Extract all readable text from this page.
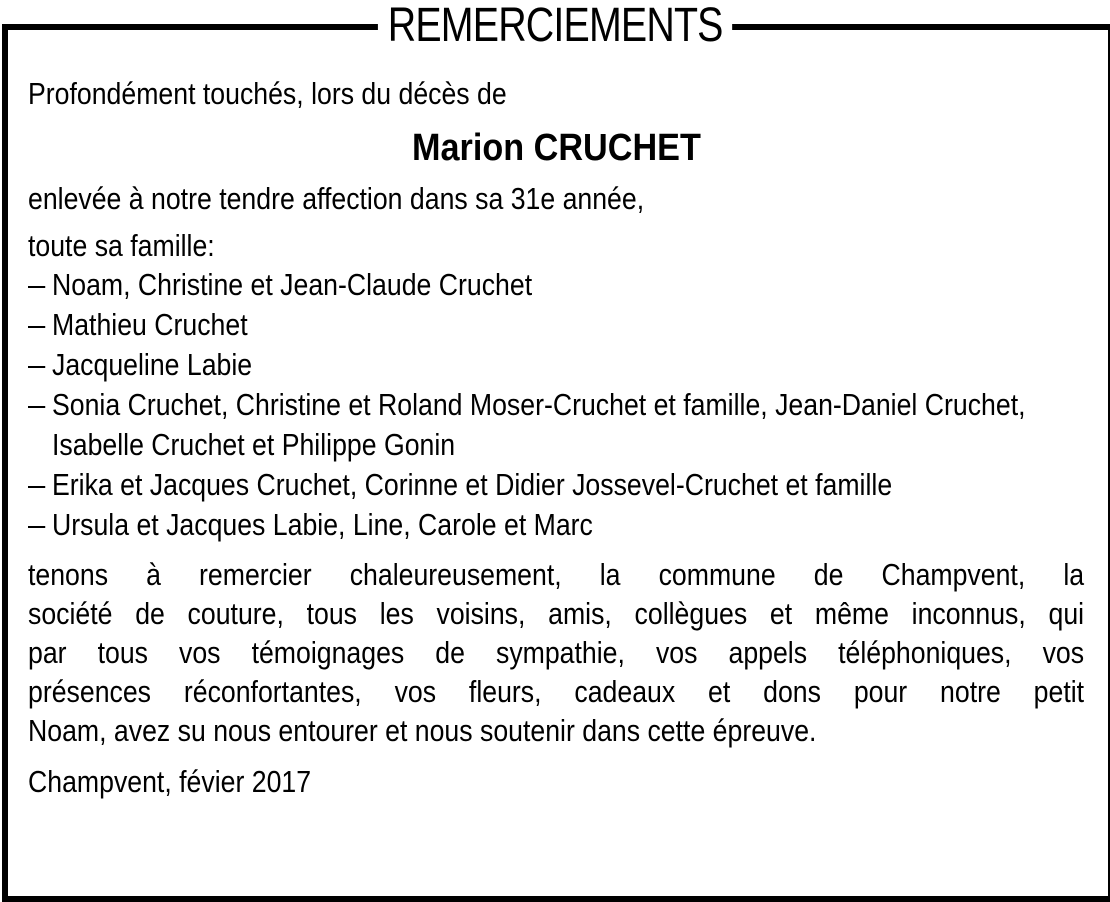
REMERCIEMENTS
Profondément touchés, lors du décès de
Marion CRUCHET
enlevée à notre tendre affection dans sa 31e année,
toute sa famille:
– Noam, Christine et Jean-Claude Cruchet
– Mathieu Cruchet
– Jacqueline Labie
– Sonia Cruchet, Christine et Roland Moser-Cruchet et famille, Jean-Daniel Cruchet, Isabelle Cruchet et Philippe Gonin
– Erika et Jacques Cruchet, Corinne et Didier Jossevel-Cruchet et famille
– Ursula et Jacques Labie, Line, Carole et Marc
tenons à remercier chaleureusement, la commune de Champvent, la
société de couture, tous les voisins, amis, collègues et même inconnus, qui
par tous vos témoignages de sympathie, vos appels téléphoniques, vos
présences réconfortantes, vos fleurs, cadeaux et dons pour notre petit
Noam, avez su nous entourer et nous soutenir dans cette épreuve.
Champvent, févier 2017
